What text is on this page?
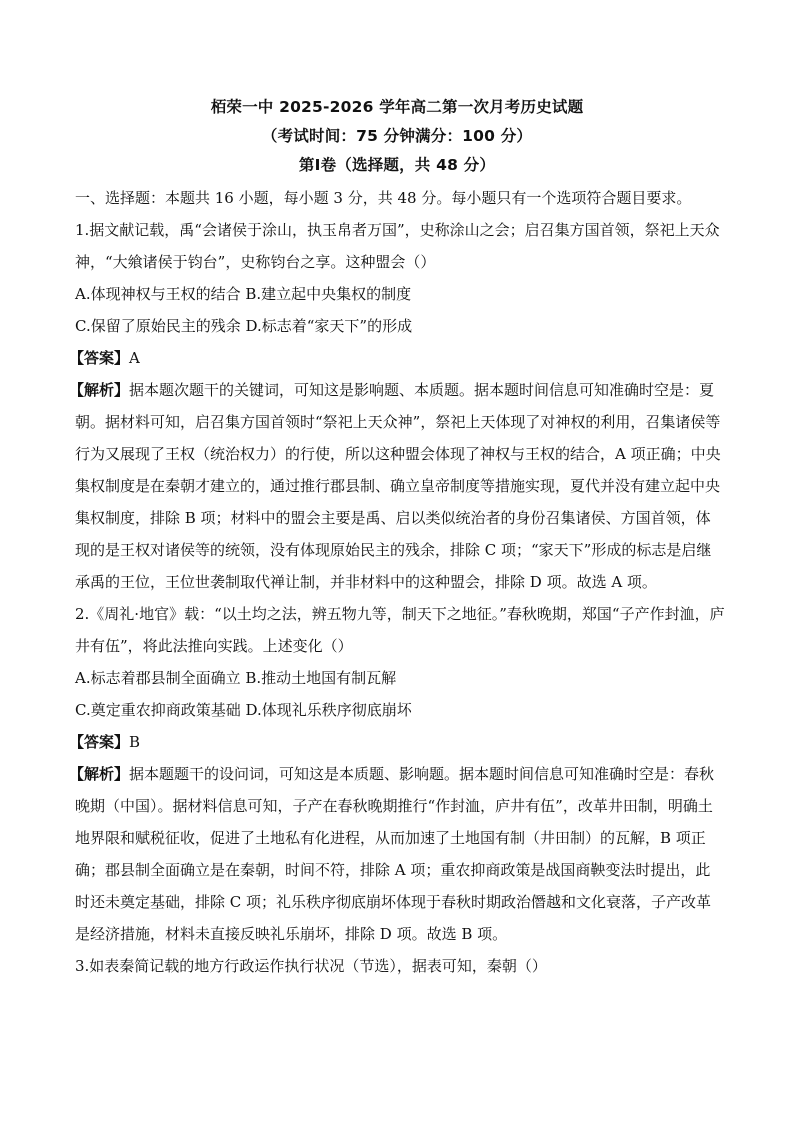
栢荣一中 2025-2026 学年高二第一次月考历史试题
（考试时间：75 分钟满分：100 分）
第Ⅰ卷（选择题，共 48 分）

一、选择题：本题共 16 小题，每小题 3 分，共 48 分。每小题只有一个选项符合题目要求。

1.据文献记载，禹“会诸侯于涂山，执玉帛者万国”，史称涂山之会；启召集方国首领，祭祀上天众神，“大飨诸侯于钧台”，史称钧台之享。这种盟会（）

A.体现神权与王权的结合 B.建立起中央集权的制度

C.保留了原始民主的残余 D.标志着“家天下”的形成

【答案】A

【解析】据本题次题干的关键词，可知这是影响题、本质题。据本题时间信息可知准确时空是：夏朝。据材料可知，启召集方国首领时“祭祀上天众神”，祭祀上天体现了对神权的利用，召集诸侯等行为又展现了王权（统治权力）的行使，所以这种盟会体现了神权与王权的结合，A 项正确；中央集权制度是在秦朝才建立的，通过推行郡县制、确立皇帝制度等措施实现，夏代并没有建立起中央集权制度，排除 B 项；材料中的盟会主要是禹、启以类似统治者的身份召集诸侯、方国首领，体现的是王权对诸侯等的统领，没有体现原始民主的残余，排除 C 项；“家天下”形成的标志是启继承禹的王位，王位世袭制取代禅让制，并非材料中的这种盟会，排除 D 项。故选 A 项。

2.《周礼·地官》载：“以土均之法，辨五物九等，制天下之地征。”春秋晚期，郑国“子产作封洫，庐井有伍”，将此法推向实践。上述变化（）

A.标志着郡县制全面确立 B.推动土地国有制瓦解

C.奠定重农抑商政策基础 D.体现礼乐秩序彻底崩坏

【答案】B

【解析】据本题题干的设问词，可知这是本质题、影响题。据本题时间信息可知准确时空是：春秋晚期（中国）。据材料信息可知，子产在春秋晚期推行“作封洫，庐井有伍”，改革井田制，明确土地界限和赋税征收，促进了土地私有化进程，从而加速了土地国有制（井田制）的瓦解，B 项正确；郡县制全面确立是在秦朝，时间不符，排除 A 项；重农抑商政策是战国商鞅变法时提出，此时还未奠定基础，排除 C 项；礼乐秩序彻底崩坏体现于春秋时期政治僭越和文化衰落，子产改革是经济措施，材料未直接反映礼乐崩坏，排除 D 项。故选 B 项。

3.如表秦简记载的地方行政运作执行状况（节选），据表可知，秦朝（）
